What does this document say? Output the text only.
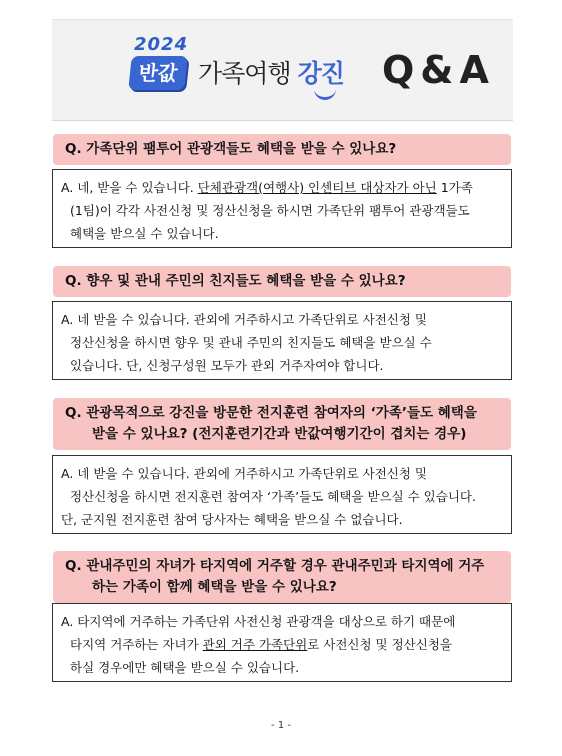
2024
반값 가족여행 강진 Q&A
Q. 가족단위 팸투어 관광객들도 혜택을 받을 수 있나요?
A. 네, 받을 수 있습니다. 단체관광객(여행사) 인센티브 대상자가 아닌 1가족
(1팀)이 각각 사전신청 및 정산신청을 하시면 가족단위 팸투어 관광객들도
혜택을 받으실 수 있습니다.
Q. 향우 및 관내 주민의 친지들도 혜택을 받을 수 있나요?
A. 네 받을 수 있습니다. 관외에 거주하시고 가족단위로 사전신청 및
정산신청을 하시면 향우 및 관내 주민의 친지들도 혜택을 받으실 수
있습니다. 단, 신청구성원 모두가 관외 거주자여야 합니다.
Q. 관광목적으로 강진을 방문한 전지훈련 참여자의 ‘가족’들도 혜택을
받을 수 있나요? (전지훈련기간과 반값여행기간이 겹치는 경우)
A. 네 받을 수 있습니다. 관외에 거주하시고 가족단위로 사전신청 및
정산신청을 하시면 전지훈련 참여자 ‘가족’들도 혜택을 받으실 수 있습니다.
단, 군지원 전지훈련 참여 당사자는 혜택을 받으실 수 없습니다.
Q. 관내주민의 자녀가 타지역에 거주할 경우 관내주민과 타지역에 거주
하는 가족이 함께 혜택을 받을 수 있나요?
A. 타지역에 거주하는 가족단위 사전신청 관광객을 대상으로 하기 때문에
타지역 거주하는 자녀가 관외 거주 가족단위로 사전신청 및 정산신청을
하실 경우에만 혜택을 받으실 수 있습니다.
- 1 -
